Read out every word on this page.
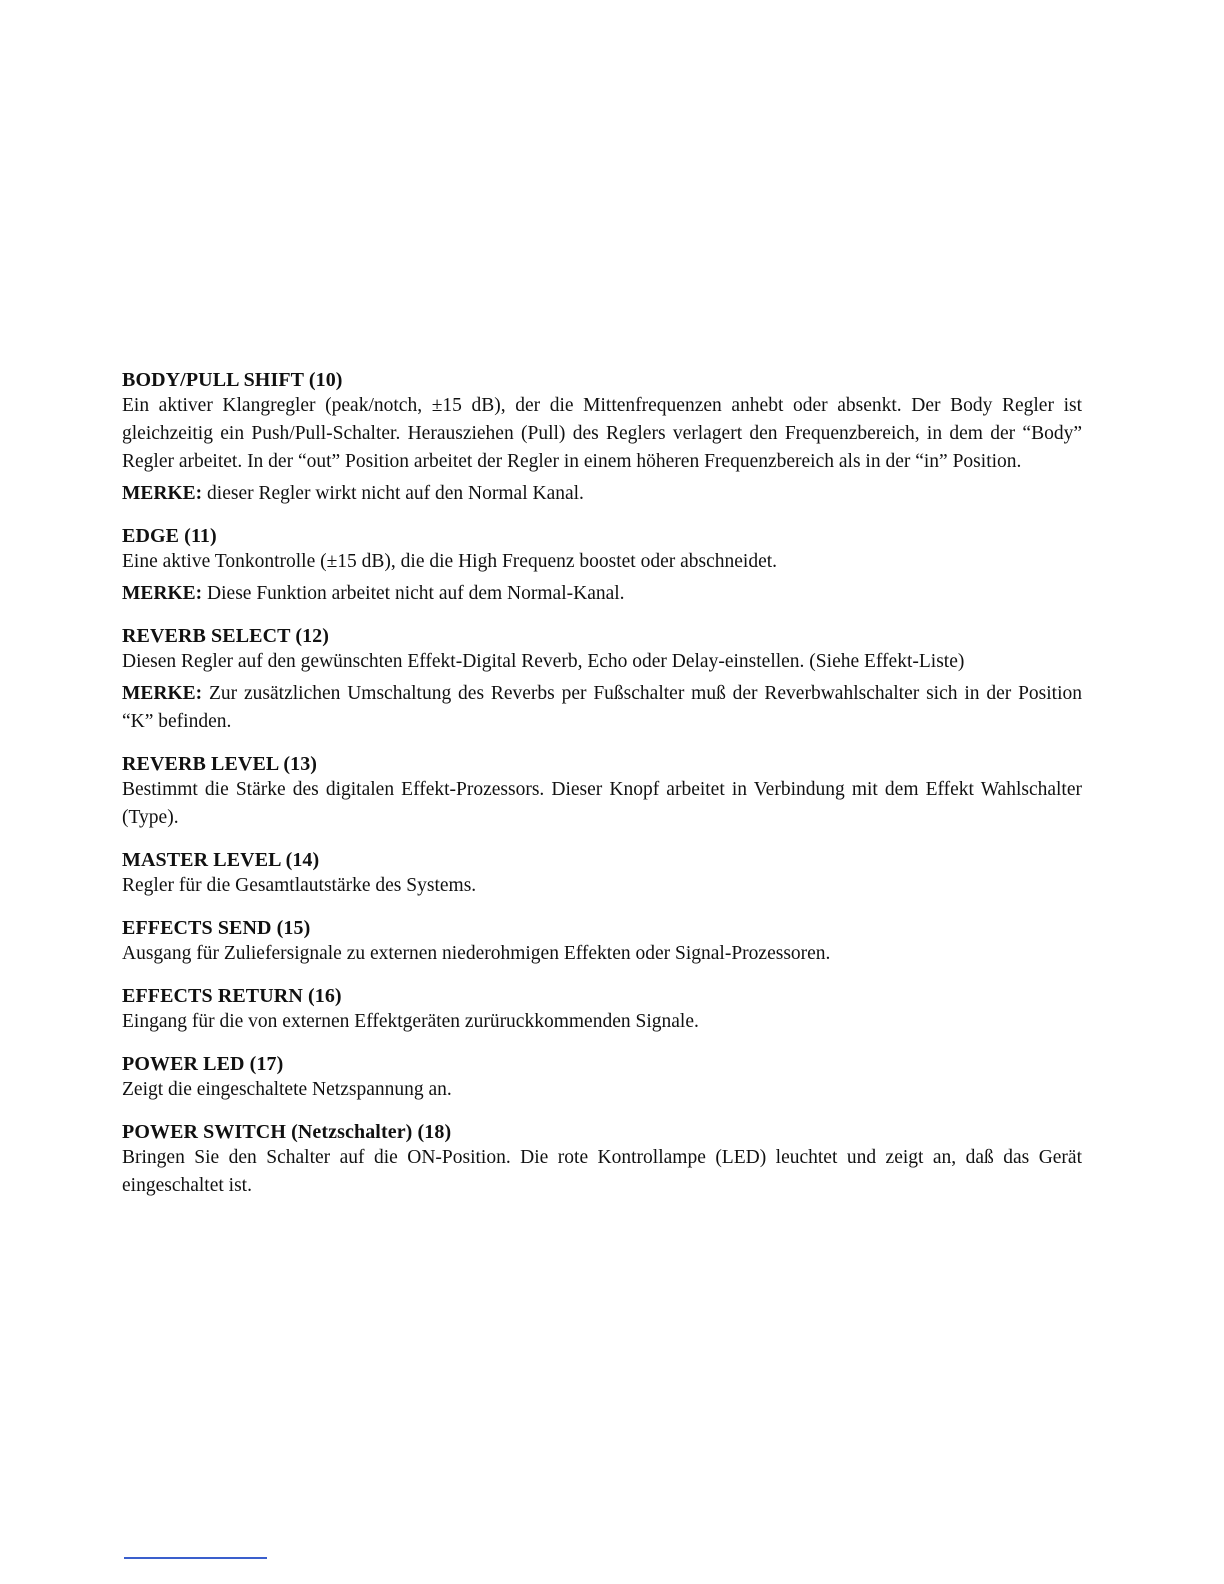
BODY/PULL SHIFT (10)

Ein aktiver Klangregler (peak/notch, ±15 dB), der die Mittenfrequenzen anhebt oder absenkt. Der Body Regler ist gleichzeitig ein Push/Pull-Schalter. Herausziehen (Pull) des Reglers verlagert den Frequenzbereich, in dem der “Body” Regler arbeitet. In der “out” Position arbeitet der Regler in einem höheren Frequenzbereich als in der “in” Position.

MERKE: dieser Regler wirkt nicht auf den Normal Kanal.

EDGE (11)

Eine aktive Tonkontrolle (±15 dB), die die High Frequenz boostet oder abschneidet.

MERKE: Diese Funktion arbeitet nicht auf dem Normal-Kanal.

REVERB SELECT (12)

Diesen Regler auf den gewünschten Effekt-Digital Reverb, Echo oder Delay-einstellen. (Siehe Effekt-Liste)

MERKE: Zur zusätzlichen Umschaltung des Reverbs per Fußschalter muß der Reverbwahlschalter sich in der Position “K” befinden.

REVERB LEVEL (13)

Bestimmt die Stärke des digitalen Effekt-Prozessors. Dieser Knopf arbeitet in Verbindung mit dem Effekt Wahlschalter (Type).

MASTER LEVEL (14)

Regler für die Gesamtlautstärke des Systems.

EFFECTS SEND (15)

Ausgang für Zuliefersignale zu externen niederohmigen Effekten oder Signal-Prozessoren.

EFFECTS RETURN (16)

Eingang für die von externen Effektgeräten zurüruckkommenden Signale.

POWER LED (17)

Zeigt die eingeschaltete Netzspannung an.

POWER SWITCH (Netzschalter) (18)

Bringen Sie den Schalter auf die ON-Position. Die rote Kontrollampe (LED) leuchtet und zeigt an, daß das Gerät eingeschaltet ist.
